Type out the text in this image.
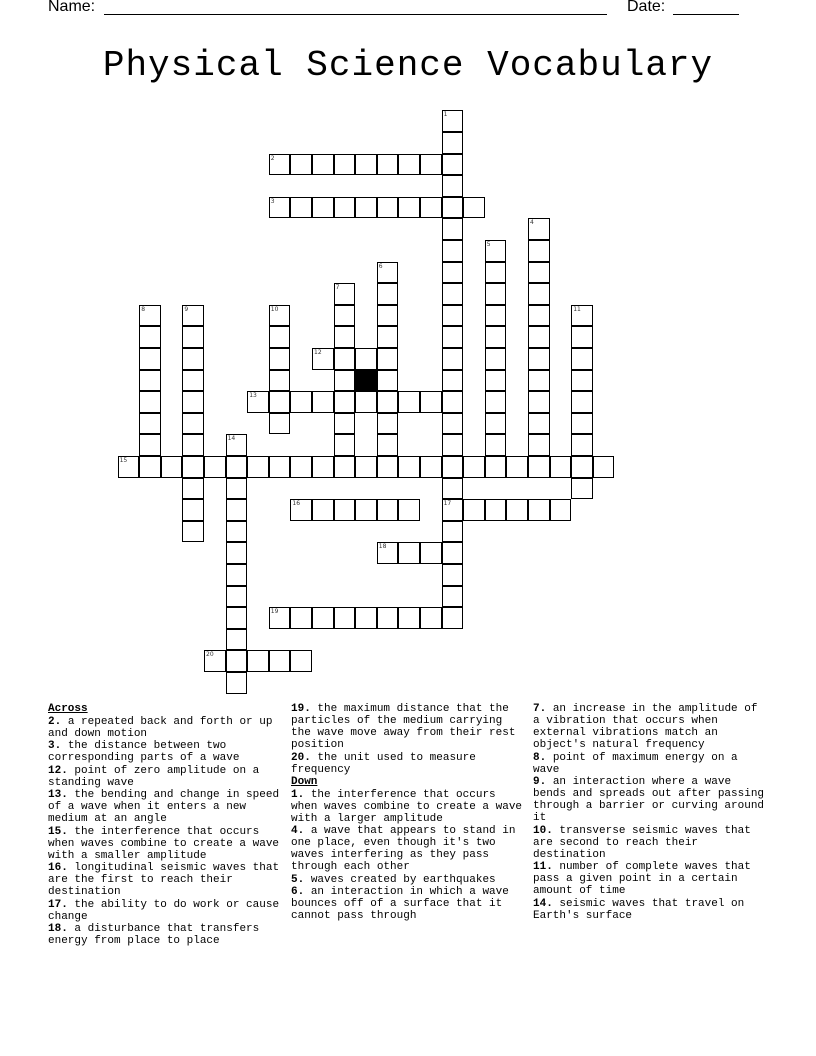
Name:	Date:
Physical Science Vocabulary
1
17
2
3
4
5
6
7
8	9	10	11
12
13
14
15
16
18
19
20
Across
2. a repeated back and forth or up and down motion
3. the distance between two corresponding parts of a wave
12. point of zero amplitude on a standing wave
13. the bending and change in speed of a wave when it enters a new medium at an angle
15. the interference that occurs when waves combine to create a wave with a smaller amplitude
16. longitudinal seismic waves that are the first to reach their destination
17. the ability to do work or cause change
18. a disturbance that transfers energy from place to place
19. the maximum distance that the particles of the medium carrying the wave move away from their rest position
20. the unit used to measure frequency
Down
1. the interference that occurs when waves combine to create a wave with a larger amplitude
4. a wave that appears to stand in one place, even though it's two waves interfering as they pass through each other
5. waves created by earthquakes
6. an interaction in which a wave bounces off of a surface that it cannot pass through
7. an increase in the amplitude of a vibration that occurs when external vibrations match an object's natural frequency
8. point of maximum energy on a wave
9. an interaction where a wave bends and spreads out after passing through a barrier or curving around it
10. transverse seismic waves that are second to reach their destination
11. number of complete waves that pass a given point in a certain amount of time
14. seismic waves that travel on Earth's surface
